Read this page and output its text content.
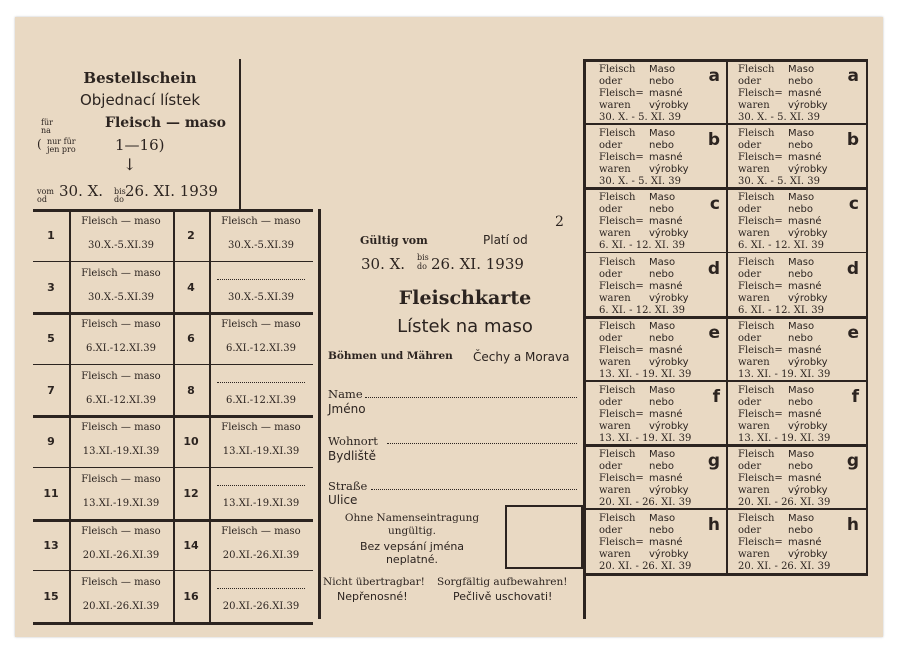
Bestellschein
Objednací lístek
für
na
( nur für
jen pro
Fleisch — maso
1—16)
↓
vom
od 30. X. bis
do 26. XI. 1939
2
Gültig vom	Platí od
30. X. bis
do 26. XI. 1939
Fleischkarte
Lístek na maso
Böhmen und Mähren Čechy a Morava
Name
Jméno
Wohnort
Bydliště
Straße
Ulice
Ohne Namenseintragung
ungültig.
Bez vepsání jména
neplatné.
Nicht übertragbar!
Nepřenosné!
Sorgfältig aufbewahren!
Pečlivě uschovati!
1
Fleisch — maso
30.X.-5.XI.39
2
Fleisch — maso
30.X.-5.XI.39
3
Fleisch — maso
30.X.-5.XI.39
4
30.X.-5.XI.39
5
Fleisch — maso
6.XI.-12.XI.39
6
Fleisch — maso
6.XI.-12.XI.39
7
Fleisch — maso
6.XI.-12.XI.39
8
6.XI.-12.XI.39
9
Fleisch — maso
13.XI.-19.XI.39
10
Fleisch — maso
13.XI.-19.XI.39
11
Fleisch — maso
13.XI.-19.XI.39
12
13.XI.-19.XI.39
13
Fleisch — maso
20.XI.-26.XI.39
14
Fleisch — maso
20.XI.-26.XI.39
15
Fleisch — maso
20.XI.-26.XI.39
16
20.XI.-26.XI.39
Fleisch
oder
Fleisch=
waren
Maso
nebo
masné
výrobky
a
30. X. - 5. XI. 39
Fleisch
oder
Fleisch=
waren
Maso
nebo
masné
výrobky
a
30. X. - 5. XI. 39
Fleisch
oder
Fleisch=
waren
Maso
nebo
masné
výrobky
b
30. X. - 5. XI. 39
Fleisch
oder
Fleisch=
waren
Maso
nebo
masné
výrobky
b
30. X. - 5. XI. 39
Fleisch
oder
Fleisch=
waren
Maso
nebo
masné
výrobky
c
6. XI. - 12. XI. 39
Fleisch
oder
Fleisch=
waren
Maso
nebo
masné
výrobky
c
6. XI. - 12. XI. 39
Fleisch
oder
Fleisch=
waren
Maso
nebo
masné
výrobky
d
6. XI. - 12. XI. 39
Fleisch
oder
Fleisch=
waren
Maso
nebo
masné
výrobky
d
6. XI. - 12. XI. 39
Fleisch
oder
Fleisch=
waren
Maso
nebo
masné
výrobky
e
13. XI. - 19. XI. 39
Fleisch
oder
Fleisch=
waren
Maso
nebo
masné
výrobky
e
13. XI. - 19. XI. 39
Fleisch
oder
Fleisch=
waren
Maso
nebo
masné
výrobky
f
13. XI. - 19. XI. 39
Fleisch
oder
Fleisch=
waren
Maso
nebo
masné
výrobky
f
13. XI. - 19. XI. 39
Fleisch
oder
Fleisch=
waren
Maso
nebo
masné
výrobky
g
20. XI. - 26. XI. 39
Fleisch
oder
Fleisch=
waren
Maso
nebo
masné
výrobky
g
20. XI. - 26. XI. 39
Fleisch
oder
Fleisch=
waren
Maso
nebo
masné
výrobky
h
20. XI. - 26. XI. 39
Fleisch
oder
Fleisch=
waren
Maso
nebo
masné
výrobky
h
20. XI. - 26. XI. 39
